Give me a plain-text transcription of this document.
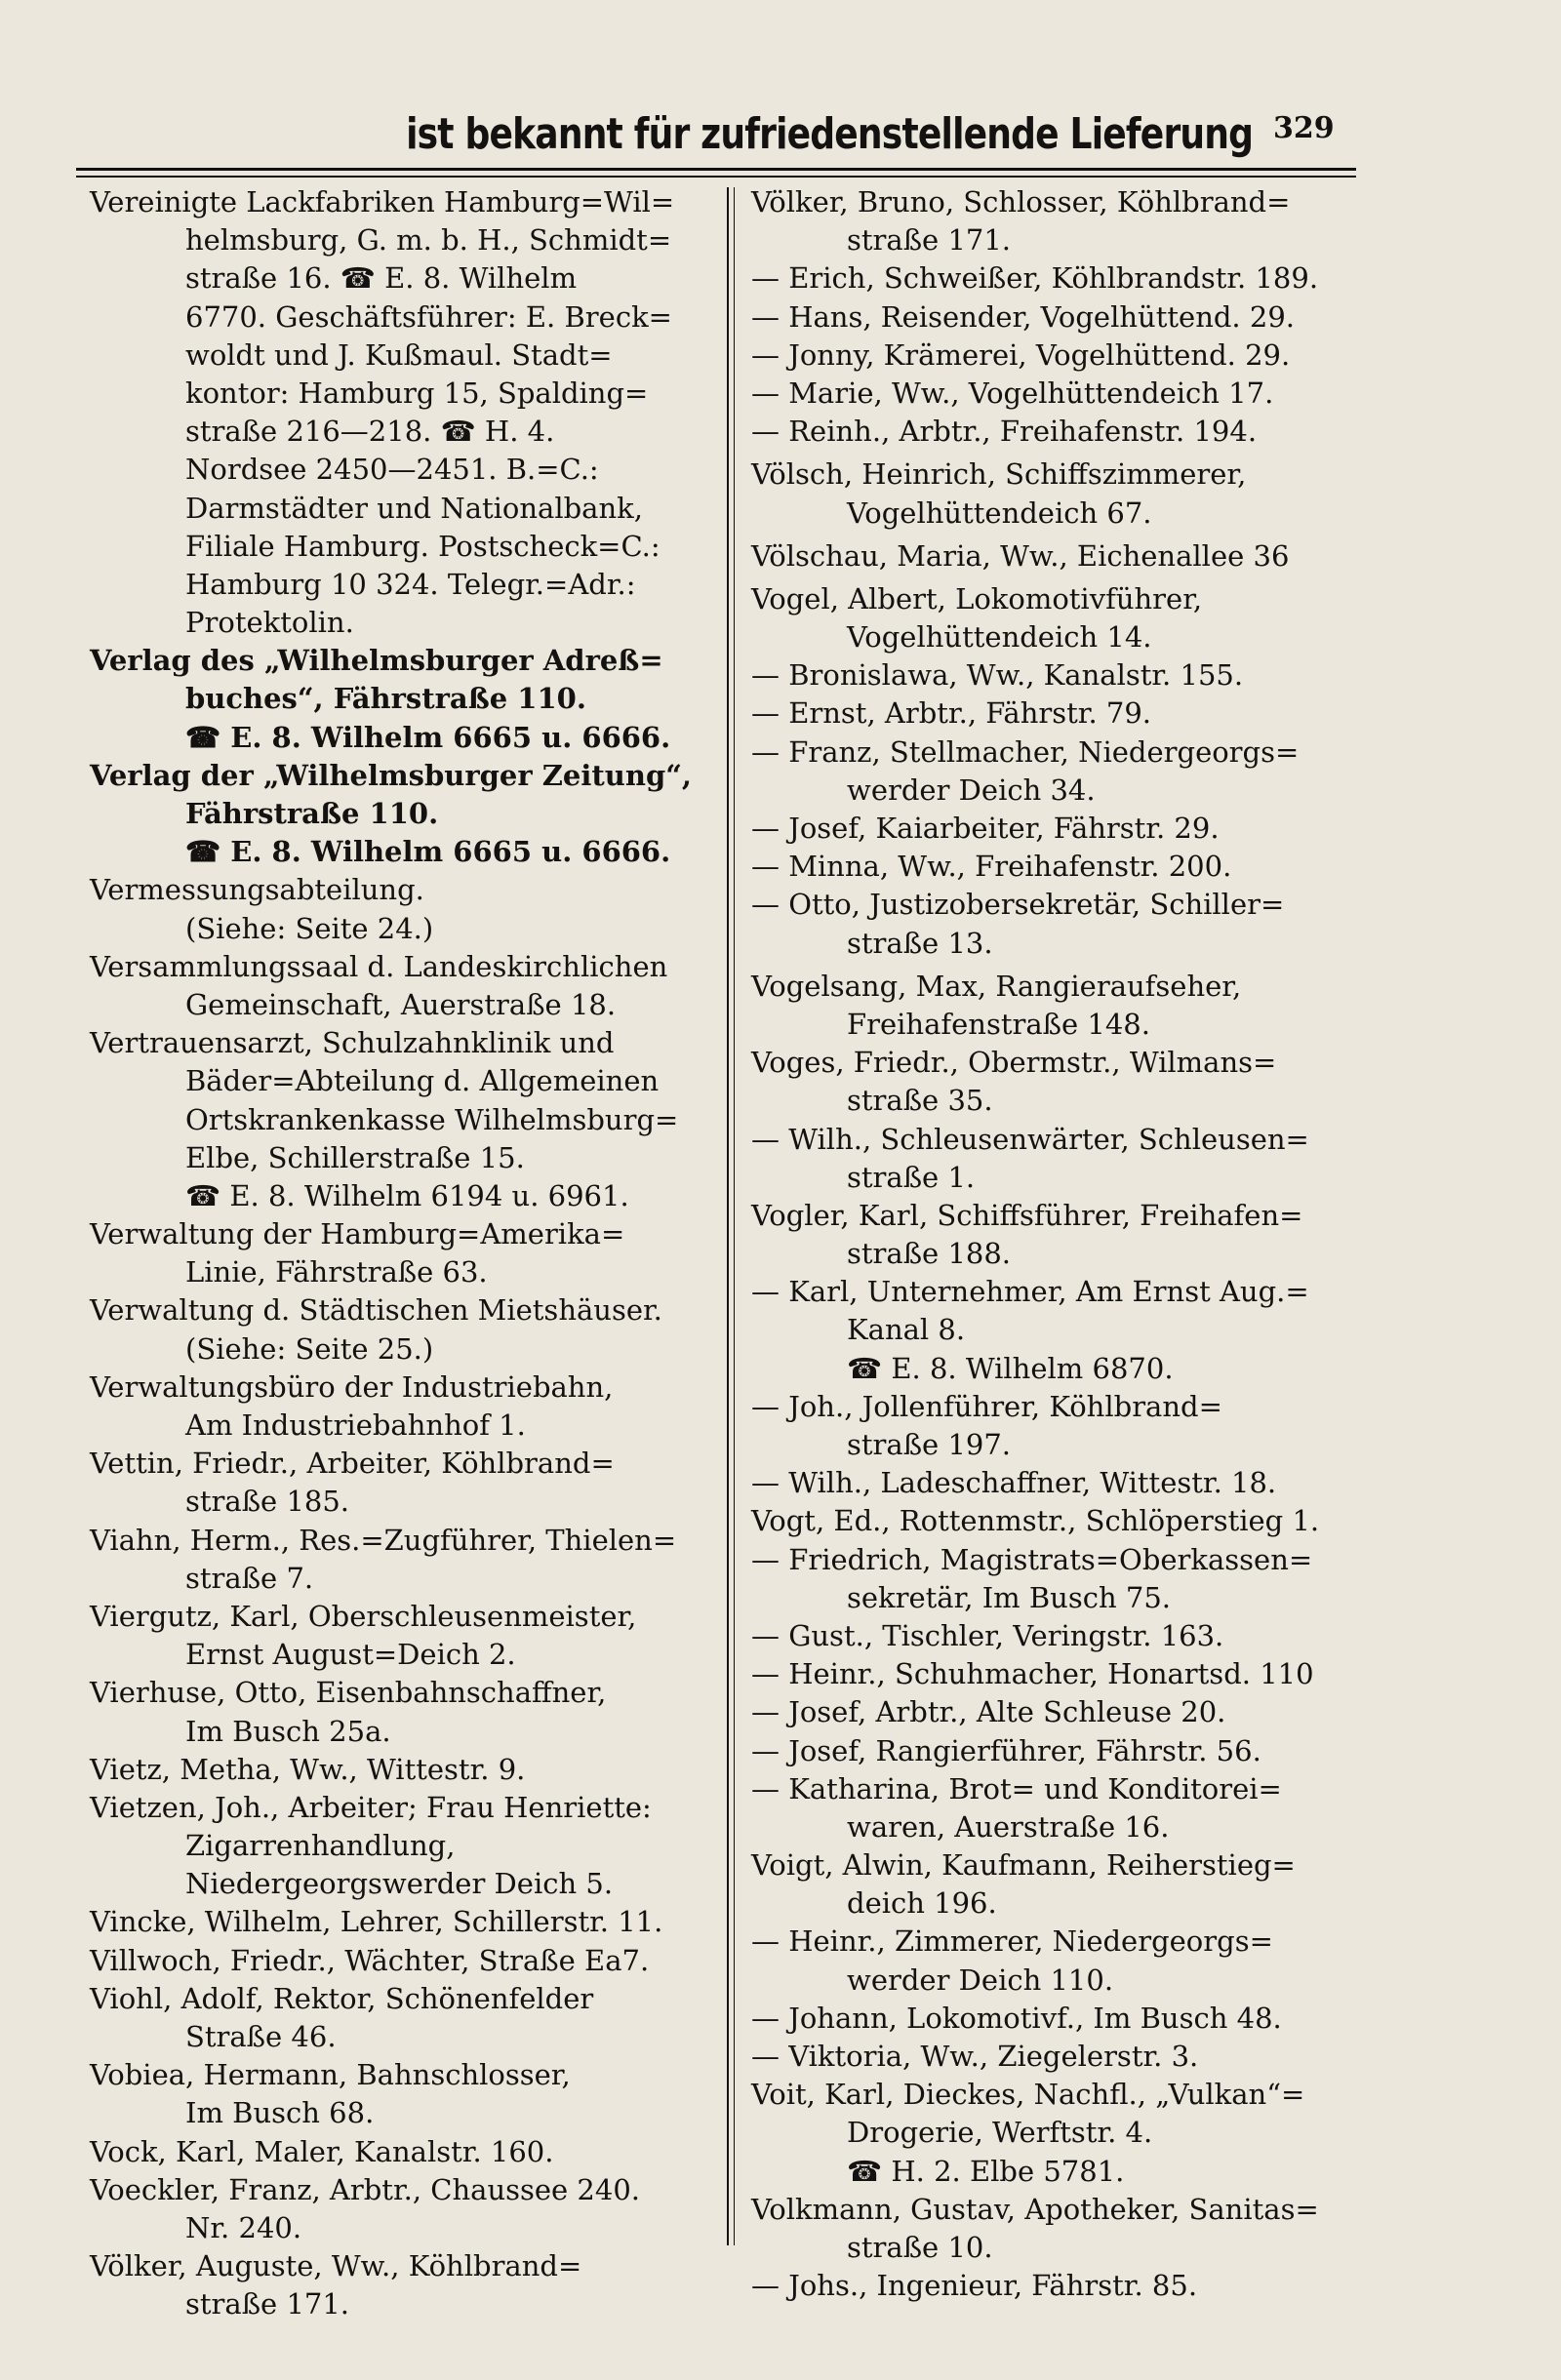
ist bekannt für zufriedenstellende Lieferung 329
Vereinigte Lackfabriken Hamburg=Wil=
helmsburg, G. m. b. H., Schmidt=
straße 16. ☎ E. 8. Wilhelm
6770. Geschäftsführer: E. Breck=
woldt und J. Kußmaul. Stadt=
kontor: Hamburg 15, Spalding=
straße 216—218. ☎ H. 4.
Nordsee 2450—2451. B.=C.:
Darmstädter und Nationalbank,
Filiale Hamburg. Postscheck=C.:
Hamburg 10 324. Telegr.=Adr.:
Protektolin.
Verlag des „Wilhelmsburger Adreß=
buches“, Fährstraße 110.
☎ E. 8. Wilhelm 6665 u. 6666.
Verlag der „Wilhelmsburger Zeitung“,
Fährstraße 110.
☎ E. 8. Wilhelm 6665 u. 6666.
Vermessungsabteilung.
(Siehe: Seite 24.)
Versammlungssaal d. Landeskirchlichen
Gemeinschaft, Auerstraße 18.
Vertrauensarzt, Schulzahnklinik und
Bäder=Abteilung d. Allgemeinen
Ortskrankenkasse Wilhelmsburg=
Elbe, Schillerstraße 15.
☎ E. 8. Wilhelm 6194 u. 6961.
Verwaltung der Hamburg=Amerika=
Linie, Fährstraße 63.
Verwaltung d. Städtischen Mietshäuser.
(Siehe: Seite 25.)
Verwaltungsbüro der Industriebahn,
Am Industriebahnhof 1.
Vettin, Friedr., Arbeiter, Köhlbrand=
straße 185.
Viahn, Herm., Res.=Zugführer, Thielen=
straße 7.
Viergutz, Karl, Oberschleusenmeister,
Ernst August=Deich 2.
Vierhuse, Otto, Eisenbahnschaffner,
Im Busch 25a.
Vietz, Metha, Ww., Wittestr. 9.
Vietzen, Joh., Arbeiter; Frau Henriette:
Zigarrenhandlung,
Niedergeorgswerder Deich 5.
Vincke, Wilhelm, Lehrer, Schillerstr. 11.
Villwoch, Friedr., Wächter, Straße Ea7.
Viohl, Adolf, Rektor, Schönenfelder
Straße 46.
Vobiea, Hermann, Bahnschlosser,
Im Busch 68.
Vock, Karl, Maler, Kanalstr. 160.
Voeckler, Franz, Arbtr., Chaussee 240.
Nr. 240.
Völker, Auguste, Ww., Köhlbrand=
straße 171.
Völker, Bruno, Schlosser, Köhlbrand=
straße 171.
— Erich, Schweißer, Köhlbrandstr. 189.
— Hans, Reisender, Vogelhüttend. 29.
— Jonny, Krämerei, Vogelhüttend. 29.
— Marie, Ww., Vogelhüttendeich 17.
— Reinh., Arbtr., Freihafenstr. 194.
Völsch, Heinrich, Schiffszimmerer,
Vogelhüttendeich 67.
Völschau, Maria, Ww., Eichenallee 36
Vogel, Albert, Lokomotivführer,
Vogelhüttendeich 14.
— Bronislawa, Ww., Kanalstr. 155.
— Ernst, Arbtr., Fährstr. 79.
— Franz, Stellmacher, Niedergeorgs=
werder Deich 34.
— Josef, Kaiarbeiter, Fährstr. 29.
— Minna, Ww., Freihafenstr. 200.
— Otto, Justizobersekretär, Schiller=
straße 13.
Vogelsang, Max, Rangieraufseher,
Freihafenstraße 148.
Voges, Friedr., Obermstr., Wilmans=
straße 35.
— Wilh., Schleusenwärter, Schleusen=
straße 1.
Vogler, Karl, Schiffsführer, Freihafen=
straße 188.
— Karl, Unternehmer, Am Ernst Aug.=
Kanal 8.
☎ E. 8. Wilhelm 6870.
— Joh., Jollenführer, Köhlbrand=
straße 197.
— Wilh., Ladeschaffner, Wittestr. 18.
Vogt, Ed., Rottenmstr., Schlöperstieg 1.
— Friedrich, Magistrats=Oberkassen=
sekretär, Im Busch 75.
— Gust., Tischler, Veringstr. 163.
— Heinr., Schuhmacher, Honartsd. 110
— Josef, Arbtr., Alte Schleuse 20.
— Josef, Rangierführer, Fährstr. 56.
— Katharina, Brot= und Konditorei=
waren, Auerstraße 16.
Voigt, Alwin, Kaufmann, Reiherstieg=
deich 196.
— Heinr., Zimmerer, Niedergeorgs=
werder Deich 110.
— Johann, Lokomotivf., Im Busch 48.
— Viktoria, Ww., Ziegelerstr. 3.
Voit, Karl, Dieckes, Nachfl., „Vulkan“=
Drogerie, Werftstr. 4.
☎ H. 2. Elbe 5781.
Volkmann, Gustav, Apotheker, Sanitas=
straße 10.
— Johs., Ingenieur, Fährstr. 85.
